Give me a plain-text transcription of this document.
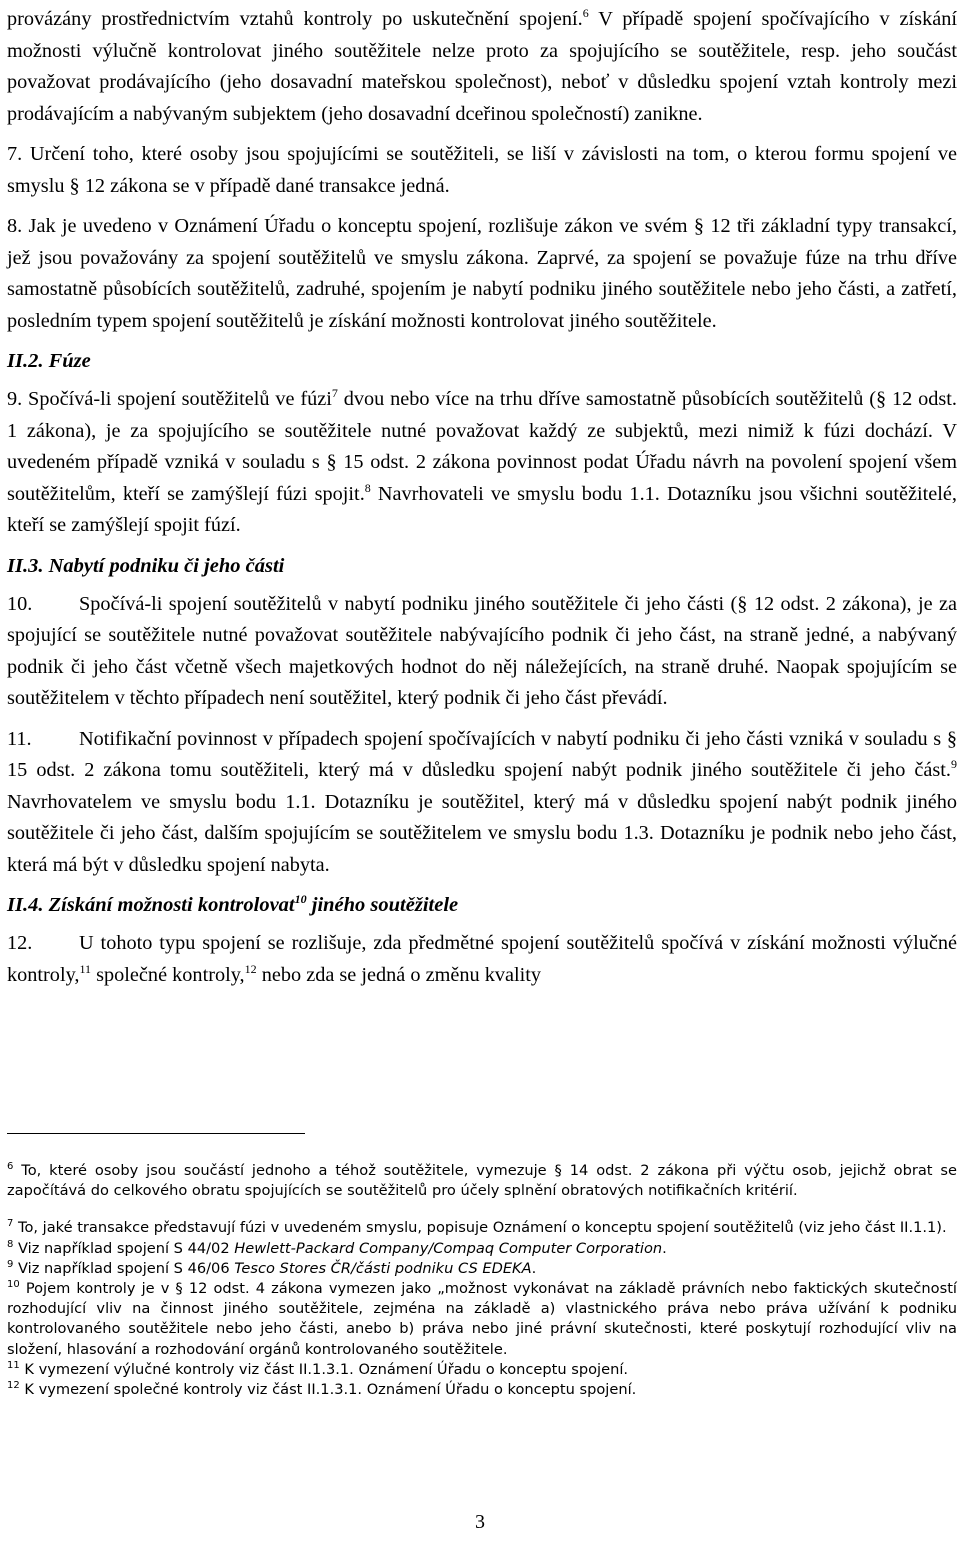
provázány prostřednictvím vztahů kontroly po uskutečnění spojení.$^6$ V případě spojení spočívajícího v získání možnosti výlučně kontrolovat jiného soutěžitele nelze proto za spojujícího se soutěžitele, resp. jeho součást považovat prodávajícího (jeho dosavadní mateřskou společnost), neboť v důsledku spojení vztah kontroly mezi prodávajícím a nabývaným subjektem (jeho dosavadní dceřinou společností) zanikne.

7. Určení toho, které osoby jsou spojujícími se soutěžiteli, se liší v závislosti na tom, o kterou formu spojení ve smyslu § 12 zákona se v případě dané transakce jedná.

8. Jak je uvedeno v Oznámení Úřadu o konceptu spojení, rozlišuje zákon ve svém § 12 tři základní typy transakcí, jež jsou považovány za spojení soutěžitelů ve smyslu zákona. Zaprvé, za spojení se považuje fúze na trhu dříve samostatně působících soutěžitelů, zadruhé, spojením je nabytí podniku jiného soutěžitele nebo jeho části, a zatřetí, posledním typem spojení soutěžitelů je získání možnosti kontrolovat jiného soutěžitele.

II.2. Fúze

9. Spočívá-li spojení soutěžitelů ve fúzi$^7$ dvou nebo více na trhu dříve samostatně působících soutěžitelů (§ 12 odst. 1 zákona), je za spojujícího se soutěžitele nutné považovat každý ze subjektů, mezi nimiž k fúzi dochází. V uvedeném případě vzniká v souladu s § 15 odst. 2 zákona povinnost podat Úřadu návrh na povolení spojení všem soutěžitelům, kteří se zamýšlejí fúzi spojit.$^8$ Navrhovateli ve smyslu bodu 1.1. Dotazníku jsou všichni soutěžitelé, kteří se zamýšlejí spojit fúzí.

II.3. Nabytí podniku či jeho části

10. Spočívá-li spojení soutěžitelů v nabytí podniku jiného soutěžitele či jeho části (§ 12 odst. 2 zákona), je za spojující se soutěžitele nutné považovat soutěžitele nabývajícího podnik či jeho část, na straně jedné, a nabývaný podnik či jeho část včetně všech majetkových hodnot do něj náležejících, na straně druhé. Naopak spojujícím se soutěžitelem v těchto případech není soutěžitel, který podnik či jeho část převádí.

11. Notifikační povinnost v případech spojení spočívajících v nabytí podniku či jeho části vzniká v souladu s § 15 odst. 2 zákona tomu soutěžiteli, který má v důsledku spojení nabýt podnik jiného soutěžitele či jeho část.$^9$ Navrhovatelem ve smyslu bodu 1.1. Dotazníku je soutěžitel, který má v důsledku spojení nabýt podnik jiného soutěžitele či jeho část, dalším spojujícím se soutěžitelem ve smyslu bodu 1.3. Dotazníku je podnik nebo jeho část, která má být v důsledku spojení nabyta.

II.4. Získání možnosti kontrolovat$^{10}$ jiného soutěžitele

12. U tohoto typu spojení se rozlišuje, zda předmětné spojení soutěžitelů spočívá v získání možnosti výlučné kontroly,$^{11}$ společné kontroly,$^{12}$ nebo zda se jedná o změnu kvality

$^6$ To, které osoby jsou součástí jednoho a téhož soutěžitele, vymezuje § 14 odst. 2 zákona při výčtu osob, jejichž obrat se započítává do celkového obratu spojujících se soutěžitelů pro účely splnění obratových notifikačních kritérií.

$^7$ To, jaké transakce představují fúzi v uvedeném smyslu, popisuje Oznámení o konceptu spojení soutěžitelů (viz jeho část II.1.1).

$^8$ Viz například spojení S 44/02 Hewlett-Packard Company/Compaq Computer Corporation.

$^9$ Viz například spojení S 46/06 Tesco Stores ČR/části podniku CS EDEKA.

$^{10}$ Pojem kontroly je v § 12 odst. 4 zákona vymezen jako „možnost vykonávat na základě právních nebo faktických skutečností rozhodující vliv na činnost jiného soutěžitele, zejména na základě a) vlastnického práva nebo práva užívání k podniku kontrolovaného soutěžitele nebo jeho části, anebo b) práva nebo jiné právní skutečnosti, které poskytují rozhodující vliv na složení, hlasování a rozhodování orgánů kontrolovaného soutěžitele.

$^{11}$ K vymezení výlučné kontroly viz část II.1.3.1. Oznámení Úřadu o konceptu spojení.

$^{12}$ K vymezení společné kontroly viz část II.1.3.1. Oznámení Úřadu o konceptu spojení.

3
